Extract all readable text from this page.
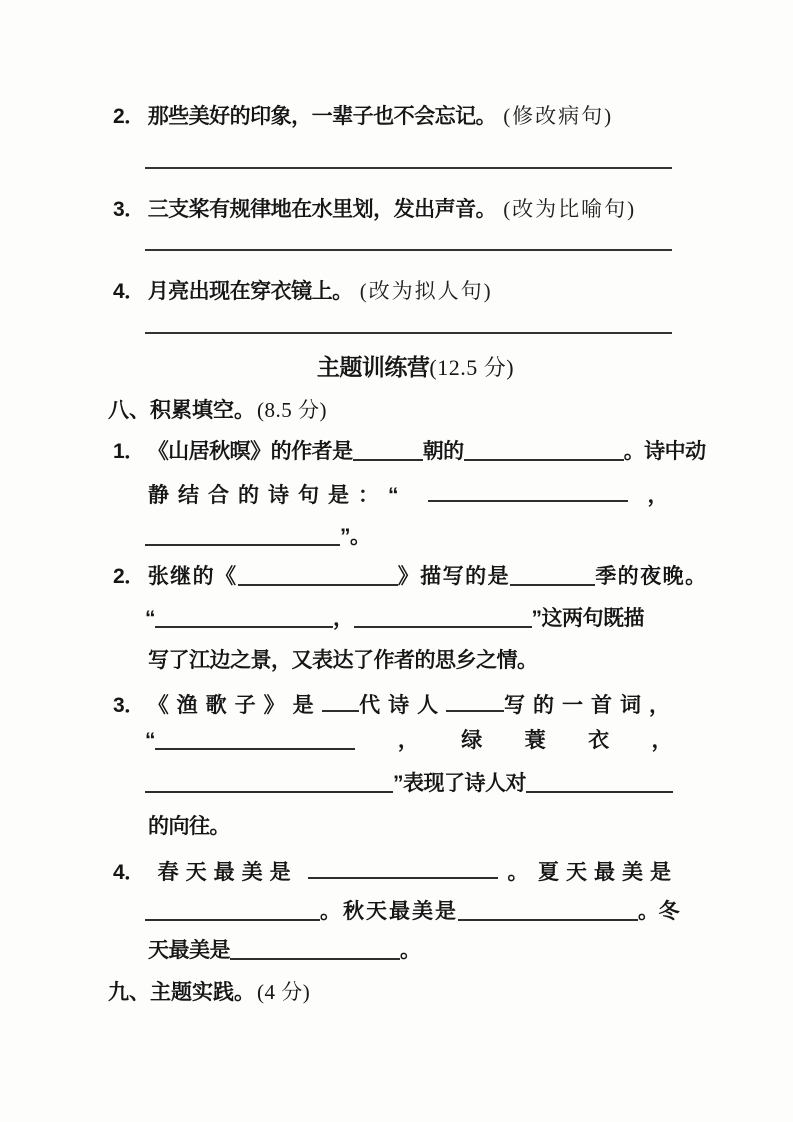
2． 那些美好的印象，一辈子也不会忘记。 (修改病句)
3． 三支桨有规律地在水里划，发出声音。 (改为比喻句)
4． 月亮出现在穿衣镜上。 (改为拟人句)
主题训练营(12.5 分)
八、积累填空。(8.5 分)
1． 《山居秋暝》的作者是	朝的	。诗中动
静结合的诗句是：“	，
”。
2． 张继的《	》描写的是	季的夜晚。
“	，	”这两句既描
写了江边之景，又表达了作者的思乡之情。
3． 《渔歌子》是 代诗人	写的一首词，
“	， 绿 蓑 衣 ，
”表现了诗人对
的向往。
4． 春天最美是	。 夏天最美是
。秋天最美是	。冬
天最美是	。
九、主题实践。(4 分)
